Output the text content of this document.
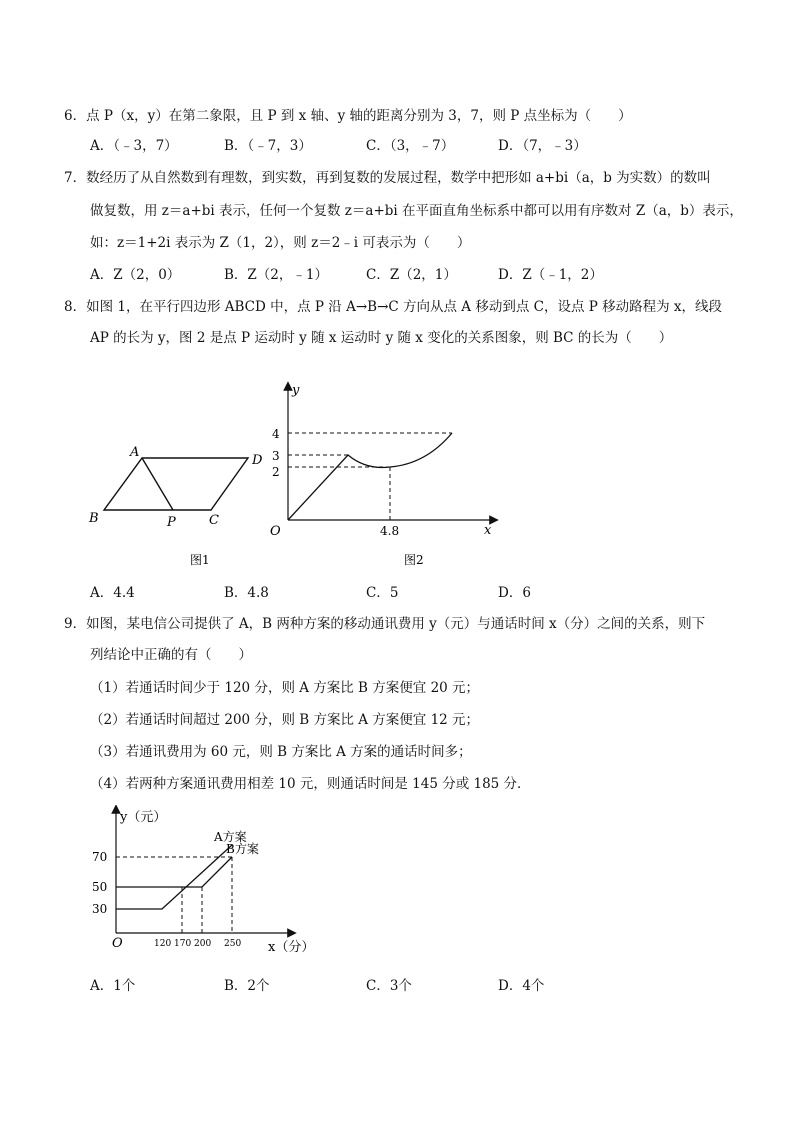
6．点 P（x，y）在第二象限，且 P 到 x 轴、y 轴的距离分别为 3，7，则 P 点坐标为（　　）
A．（﹣3，7）	B．（﹣7，3）	C．（3，﹣7）	D．（7，﹣3）
7．数经历了从自然数到有理数，到实数，再到复数的发展过程，数学中把形如 a+bi（a，b 为实数）的数叫
做复数，用 z＝a+bi 表示，任何一个复数 z＝a+bi 在平面直角坐标系中都可以用有序数对 Z（a，b）表示，
如：z＝1+2i 表示为 Z（1，2），则 z＝2﹣i 可表示为（　　）
A．Z（2，0）	B．Z（2，﹣1）	C．Z（2，1）	D．Z（﹣1，2）
8．如图 1，在平行四边形 ABCD 中，点 P 沿 A→B→C 方向从点 A 移动到点 C，设点 P 移动路程为 x，线段
AP 的长为 y，图 2 是点 P 运动时 y 随 x 运动时 y 随 x 变化的关系图象，则 BC 的长为（　　）
A
D
B	P	C
图1
y
x
O
4
3
2
4.8
图2
A．4.4	B．4.8	C．5	D．6
9．如图，某电信公司提供了 A，B 两种方案的移动通讯费用 y（元）与通话时间 x（分）之间的关系，则下
列结论中正确的有（　　）
（1）若通话时间少于 120 分，则 A 方案比 B 方案便宜 20 元；
（2）若通话时间超过 200 分，则 B 方案比 A 方案便宜 12 元；
（3）若通讯费用为 60 元，则 B 方案比 A 方案的通话时间多；
（4）若两种方案通讯费用相差 10 元，则通话时间是 145 分或 185 分．
y（元）
x（分）
O
A方案
B方案
30
50
70
120 170 200 250
A．1个	B．2个	C．3个	D．4个
